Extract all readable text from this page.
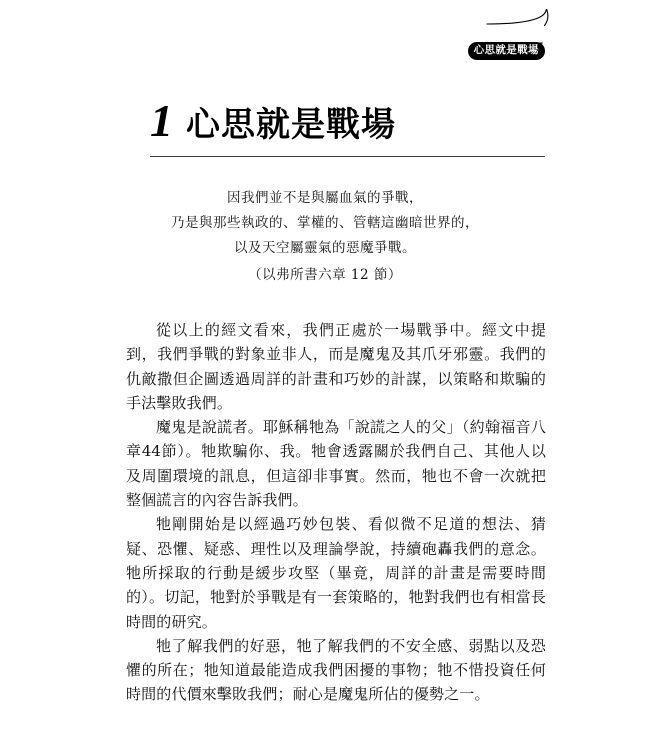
心思就是戰場
5
1 心思就是戰場
因我們並不是與屬血氣的爭戰，
乃是與那些執政的、掌權的、管轄這幽暗世界的，
以及天空屬靈氣的惡魔爭戰。
（以弗所書六章 12 節）

從以上的經文看來，我們正處於一場戰爭中。經文中提到，我們爭戰的對象並非人，而是魔鬼及其爪牙邪靈。我們的仇敵撒但企圖透過周詳的計畫和巧妙的計謀，以策略和欺騙的手法擊敗我們。

魔鬼是說謊者。耶穌稱牠為「說謊之人的父」（約翰福音八章44節）。牠欺騙你、我。牠會透露關於我們自己、其他人以及周圍環境的訊息，但這卻非事實。然而，牠也不會一次就把整個謊言的內容告訴我們。

牠剛開始是以經過巧妙包裝、看似微不足道的想法、猜疑、恐懼、疑惑、理性以及理論學說，持續砲轟我們的意念。牠所採取的行動是緩步攻堅（畢竟，周詳的計畫是需要時間的）。切記，牠對於爭戰是有一套策略的，牠對我們也有相當長時間的研究。

牠了解我們的好惡，牠了解我們的不安全感、弱點以及恐懼的所在；牠知道最能造成我們困擾的事物；牠不惜投資任何時間的代價來擊敗我們；耐心是魔鬼所佔的優勢之一。
